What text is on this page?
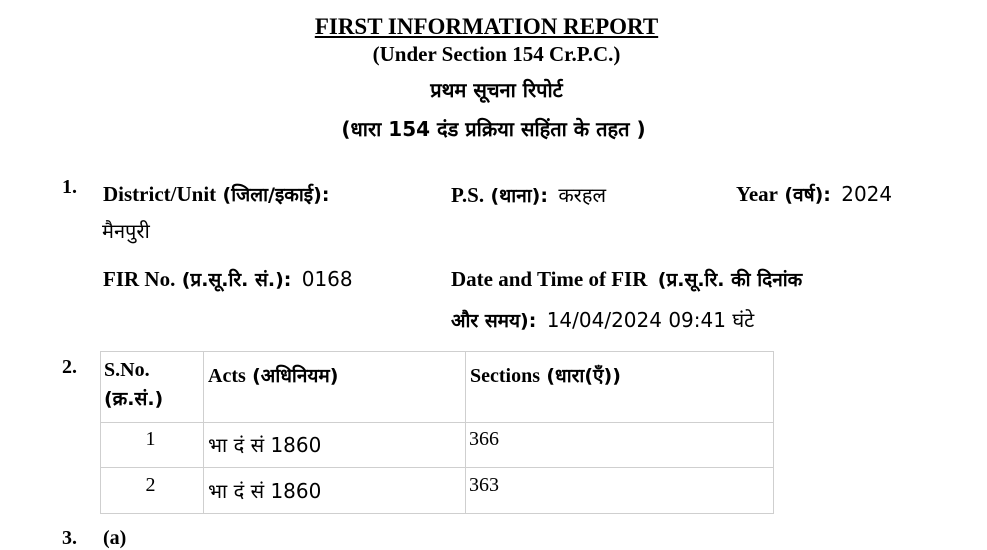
FIRST INFORMATION REPORT
(Under Section 154 Cr.P.C.)
प्रथम सूचना रिपोर्ट
(धारा 154 दंड प्रक्रिया सहिंता के तहत )
1. District/Unit (जिला/इकाई):
मैनपुरी
P.S. (थाना): करहल	Year (वर्ष): 2024
FIR No. (प्र.सू.रि. सं.): 0168	Date and Time of FIR (प्र.सू.रि. की दिनांक
और समय): 14/04/2024 09:41 घंटे
2. S.No.
(क्र.सं.)	Acts (अधिनियम)	Sections (धारा(एँ))

1	भा दं सं 1860	366

2	भा दं सं 1860	363
3. (a)
